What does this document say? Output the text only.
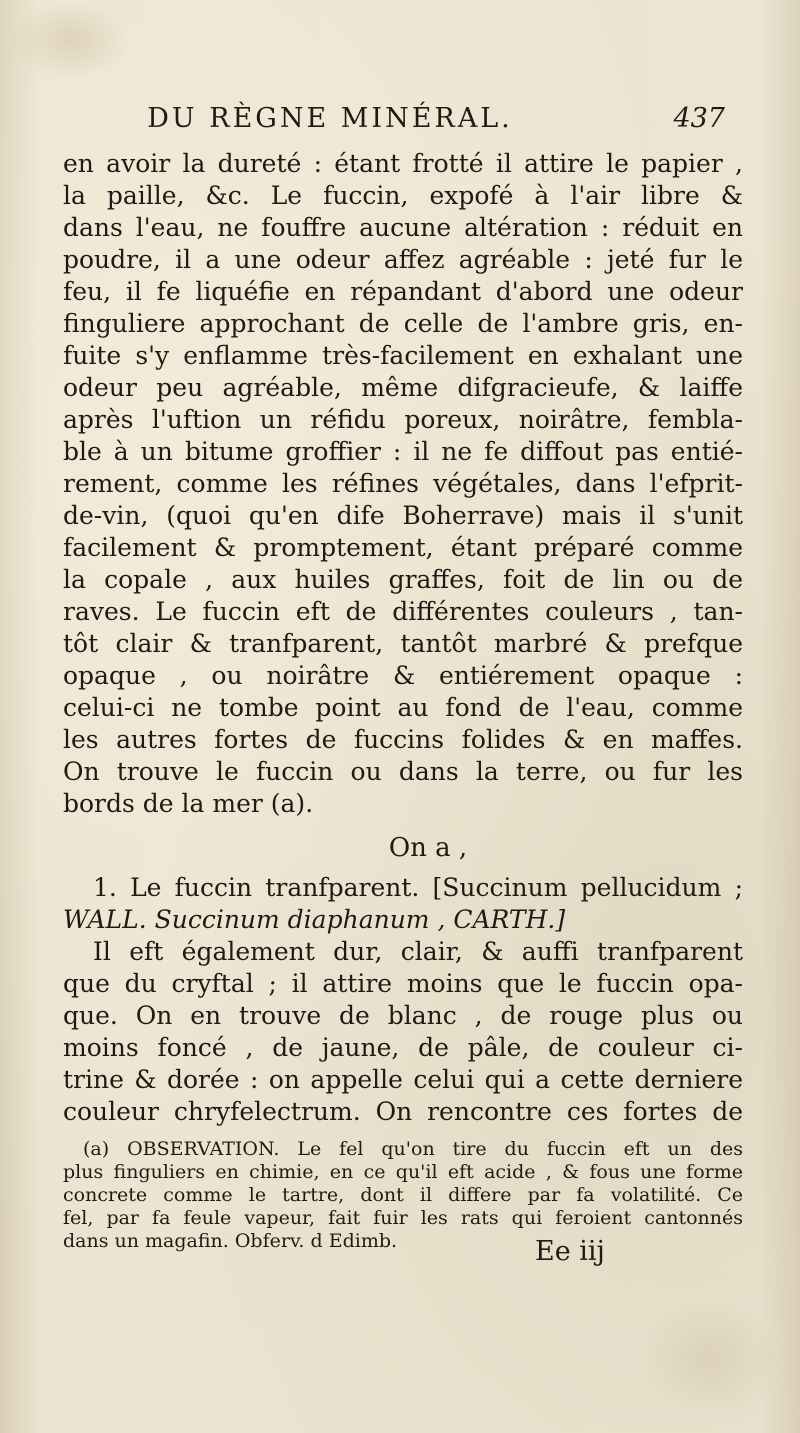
DU RÈGNE MINÉRAL.	437
en avoir la dureté : étant frotté il attire le papier ,
la paille, &c. Le fuccin, expofé à l'air libre &
dans l'eau, ne fouffre aucune altération : réduit en
poudre, il a une odeur affez agréable : jeté fur le
feu, il fe liquéfie en répandant d'abord une odeur
finguliere approchant de celle de l'ambre gris, en-
fuite s'y enflamme très-facilement en exhalant une
odeur peu agréable, même difgracieufe, & laiffe
après l'uftion un réfidu poreux, noirâtre, fembla-
ble à un bitume groffier : il ne fe diffout pas entié-
rement, comme les réfines végétales, dans l'efprit-
de-vin, (quoi qu'en dife Boherrave) mais il s'unit
facilement & promptement, étant préparé comme
la copale , aux huiles graffes, foit de lin ou de
raves. Le fuccin eft de différentes couleurs , tan-
tôt clair & tranfparent, tantôt marbré & prefque
opaque , ou noirâtre & entiérement opaque :
celui-ci ne tombe point au fond de l'eau, comme
les autres fortes de fuccins folides & en maffes.
On trouve le fuccin ou dans la terre, ou fur les
bords de la mer (a).
On a ,
1. Le fuccin tranfparent. [Succinum pellucidum ;
WALL. Succinum diaphanum , CARTH.]
Il eft également dur, clair, & auffi tranfparent
que du cryftal ; il attire moins que le fuccin opa-
que. On en trouve de blanc , de rouge plus ou
moins foncé , de jaune, de pâle, de couleur ci-
trine & dorée : on appelle celui qui a cette derniere
couleur chryfelectrum. On rencontre ces fortes de
(a) OBSERVATION. Le fel qu'on tire du fuccin eft un des
plus finguliers en chimie, en ce qu'il eft acide , & fous une forme
concrete comme le tartre, dont il differe par fa volatilité. Ce
fel, par fa feule vapeur, fait fuir les rats qui feroient cantonnés
dans un magafin. Obferv. d Edimb.	Ee iij
